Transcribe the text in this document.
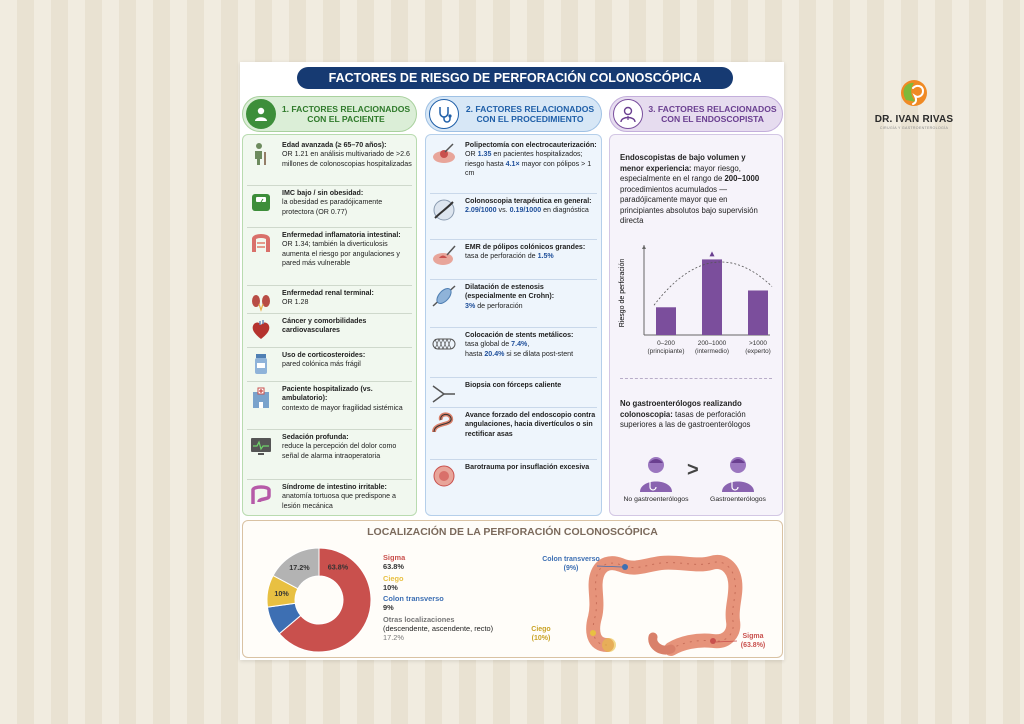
DR. IVAN RIVAS
CIRUGÍA Y GASTROENTEROLOGÍA
FACTORES DE RIESGO DE PERFORACIÓN COLONOSCÓPICA
1. FACTORES RELACIONADOS
CON EL PACIENTE
2. FACTORES RELACIONADOS
CON EL PROCEDIMIENTO
3. FACTORES RELACIONADOS
CON EL ENDOSCOPISTA
Edad avanzada (≥ 65–70 años):
OR 1.21 en análisis multivariado de >2.6 millones de colonoscopias hospitalizadas
IMC bajo / sin obesidad:
la obesidad es paradójicamente protectora (OR 0.77)
Enfermedad inflamatoria intestinal:
OR 1.34; también la diverticulosis aumenta el riesgo por angulaciones y pared más vulnerable
Enfermedad renal terminal:
OR 1.28
Cáncer y comorbilidades cardiovasculares
Uso de corticosteroides:
pared colónica más frágil
Paciente hospitalizado (vs. ambulatorio):
contexto de mayor fragilidad sistémica
Sedación profunda:
reduce la percepción del dolor como señal de alarma intraoperatoria
Síndrome de intestino irritable:
anatomía tortuosa que predispone a lesión mecánica
Polipectomía con electrocauterización:
OR 1.35 en pacientes hospitalizados; riesgo hasta 4.1× mayor con pólipos > 1 cm
Colonoscopia terapéutica en general:
2.09/1000 vs. 0.19/1000 en diagnóstica
EMR de pólipos colónicos grandes:
tasa de perforación de 1.5%
Dilatación de estenosis (especialmente en Crohn):
3% de perforación
Colocación de stents metálicos:
tasa global de 7.4%,
hasta 20.4% si se dilata post-stent
Biopsia con fórceps caliente
Avance forzado del endoscopio contra angulaciones, hacia divertículos o sin rectificar asas
Barotrauma por insuflación excesiva
Endoscopistas de bajo volumen y menor experiencia: mayor riesgo, especialmente en el rango de 200–1000 procedimientos acumulados — paradójicamente mayor que en principiantes absolutos bajo supervisión directa
Riesgo de perforación
0–200
(principiante)
200–1000
(intermedio)
>1000
(experto)
No gastroenterólogos realizando colonoscopia: tasas de perforación superiores a las de gastroenterólogos
>
No gastroenterólogos	Gastroenterólogos
LOCALIZACIÓN DE LA PERFORACIÓN COLONOSCÓPICA
63.8%
10%
17.2%
Sigma
63.8%
Ciego
10%
Colon transverso
9%
Otras localizaciones
(descendente, ascendente, recto)
17.2%
Colon transverso
(9%)
Ciego
(10%)	Sigma
(63.8%)
